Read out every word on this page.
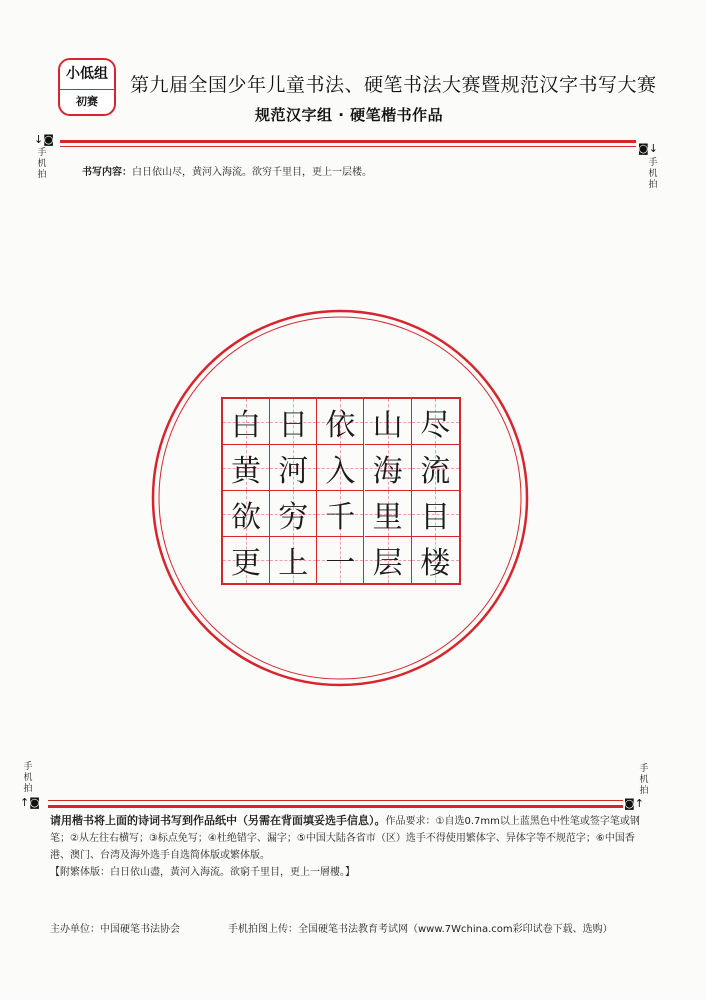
小低组
初赛
第九届全国少年儿童书法、硬笔书法大赛暨规范汉字书写大赛
规范汉字组 · 硬笔楷书作品
↓◙
手机拍
◙↓
手机拍
书写内容：白日依山尽，黄河入海流。欲穷千里目，更上一层楼。
白 日 依 山 尽
黄 河 入 海 流
欲 穷 千 里 目
更 上 一 层 楼
手机拍
↑◙
手机拍
◙↑
请用楷书将上面的诗词书写到作品纸中（另需在背面填妥选手信息）。作品要求：①自选0.7mm以上蓝黑色中性笔或签字笔或钢笔；②从左往右横写；③标点免写；④杜绝错字、漏字；⑤中国大陆各省市（区）选手不得使用繁体字、异体字等不规范字；⑥中国香港、澳门、台湾及海外选手自选简体版或繁体版。
【附繁体版：白日依山盡，黃河入海流。欲窮千里目，更上一層樓。】
主办单位：中国硬笔书法协会	手机拍图上传：全国硬笔书法教育考试网（www.7Wchina.com彩印试卷下载、选购）
